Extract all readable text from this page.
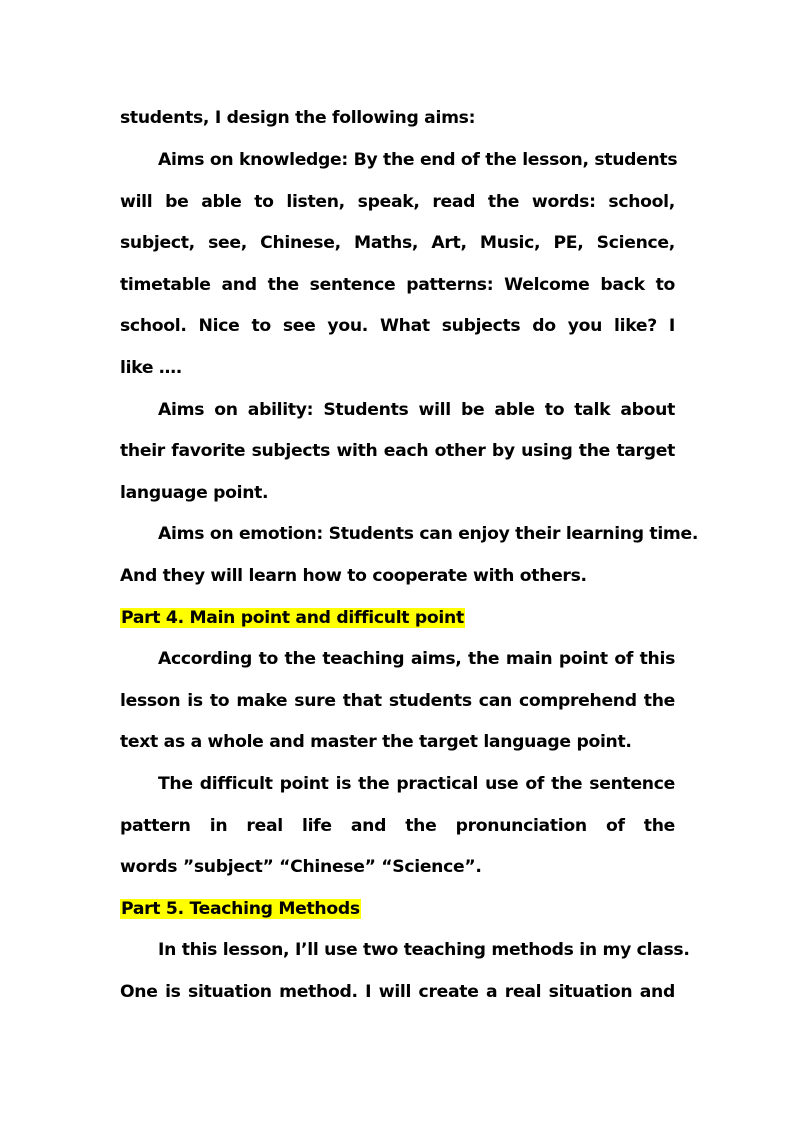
students, I design the following aims:
Aims on knowledge: By the end of the lesson, students
will be able to listen, speak, read the words: school,
subject, see, Chinese, Maths, Art, Music, PE, Science,
timetable and the sentence patterns: Welcome back to
school. Nice to see you. What subjects do you like? I
like ….
Aims on ability: Students will be able to talk about
their favorite subjects with each other by using the target
language point.
Aims on emotion: Students can enjoy their learning time.
And they will learn how to cooperate with others.
Part 4. Main point and difficult point
According to the teaching aims, the main point of this
lesson is to make sure that students can comprehend the
text as a whole and master the target language point.
The difficult point is the practical use of the sentence
pattern in real life and the pronunciation of the
words ”subject” “Chinese” “Science”.
Part 5. Teaching Methods
In this lesson, I’ll use two teaching methods in my class.
One is situation method. I will create a real situation and
